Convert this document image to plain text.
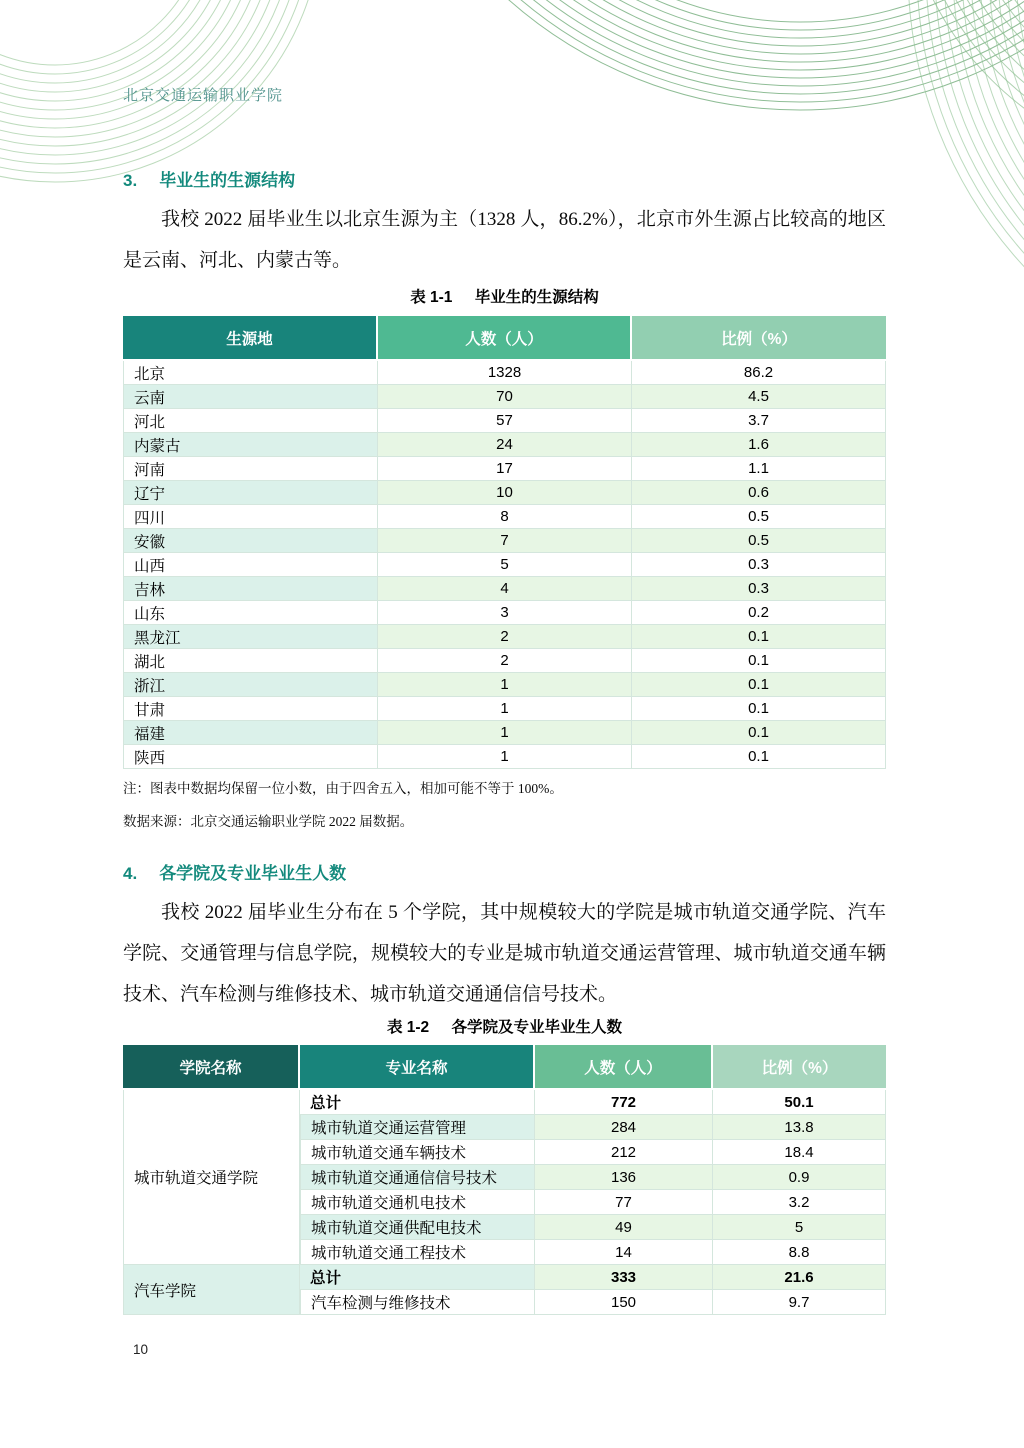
北京交通运输职业学院
3. 毕业生的生源结构

我校 2022 届毕业生以北京生源为主（1328 人，86.2%），北京市外生源占比较高的地区是云南、河北、内蒙古等。

表 1-1 毕业生的生源结构
生源地	人数（人）	比例（%）
北京	1328	86.2
云南	70	4.5
河北	57	3.7
内蒙古	24	1.6
河南	17	1.1
辽宁	10	0.6
四川	8	0.5
安徽	7	0.5
山西	5	0.3
吉林	4	0.3
山东	3	0.2
黑龙江	2	0.1
湖北	2	0.1
浙江	1	0.1
甘肃	1	0.1
福建	1	0.1
陕西	1	0.1

注：图表中数据均保留一位小数，由于四舍五入，相加可能不等于 100%。

数据来源：北京交通运输职业学院 2022 届数据。

4. 各学院及专业毕业生人数

我校 2022 届毕业生分布在 5 个学院，其中规模较大的学院是城市轨道交通学院、汽车学院、交通管理与信息学院，规模较大的专业是城市轨道交通运营管理、城市轨道交通车辆技术、汽车检测与维修技术、城市轨道交通通信信号技术。

表 1-2 各学院及专业毕业生人数
学院名称	专业名称	人数（人）	比例（%）
城市轨道交通学院	总计	772	50.1
	城市轨道交通运营管理	284	13.8
	城市轨道交通车辆技术	212	18.4
	城市轨道交通通信信号技术	136	0.9
	城市轨道交通机电技术	77	3.2
	城市轨道交通供配电技术	49	5
	城市轨道交通工程技术	14	8.8
汽车学院	总计	333	21.6
	汽车检测与维修技术	150	9.7
10
